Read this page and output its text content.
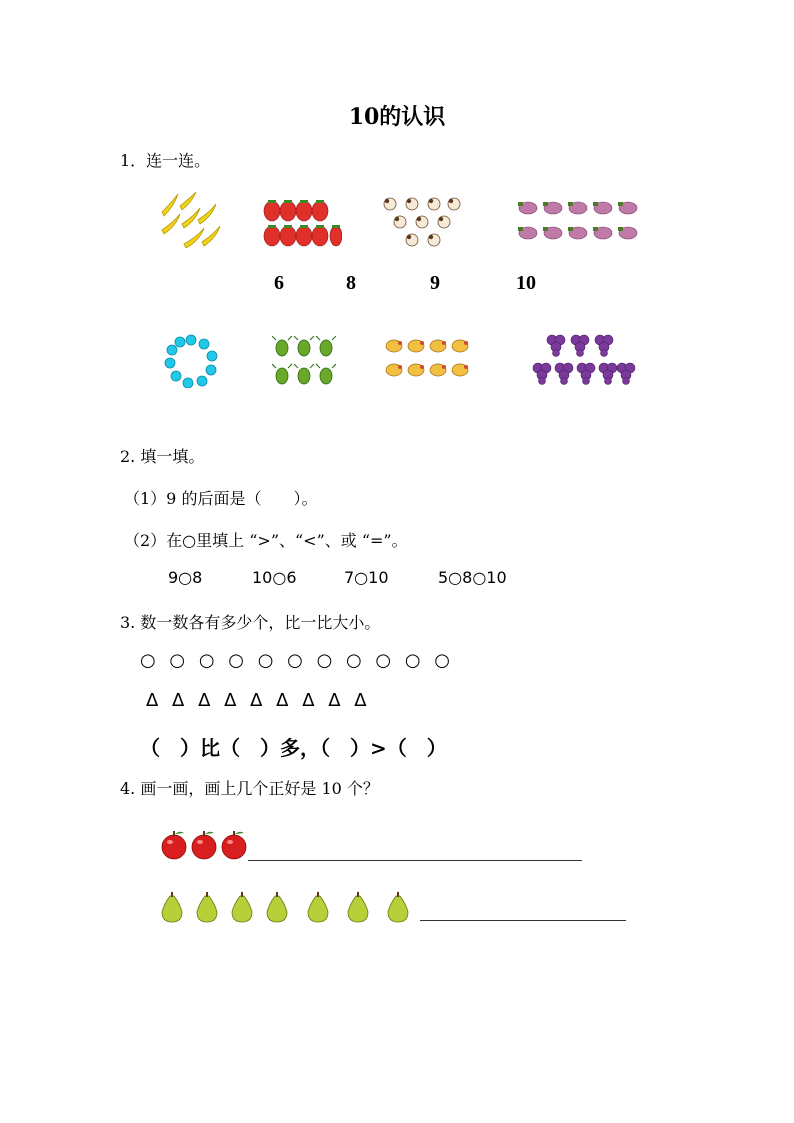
10的认识
1．连一连。
6	8	9	10
2. 填一填。
（1）9 的后面是（　　）。
（2）在○里填上 “>”、“<”、或 “=”。
9○8	10○6	7○10	5○8○10
3. 数一数各有多少个，比一比大小。
○ ○ ○ ○ ○ ○ ○ ○ ○ ○ ○
Δ Δ Δ Δ Δ Δ Δ Δ Δ
（　）比（　）多，（　）>（　）
4. 画一画，画上几个正好是 10 个？
